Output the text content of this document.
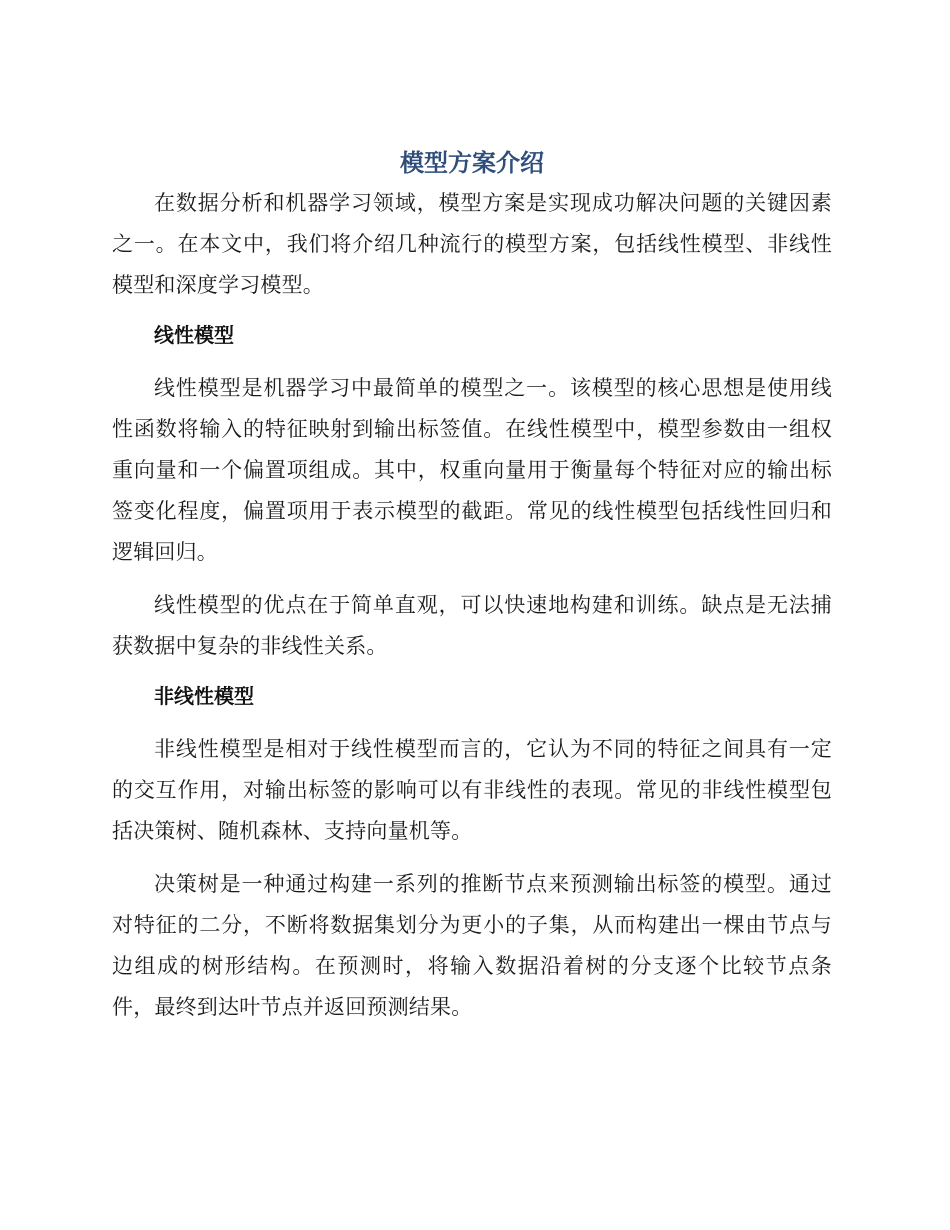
模型方案介绍

在数据分析和机器学习领域，模型方案是实现成功解决问题的关键因素之一。在本文中，我们将介绍几种流行的模型方案，包括线性模型、非线性模型和深度学习模型。

线性模型

线性模型是机器学习中最简单的模型之一。该模型的核心思想是使用线性函数将输入的特征映射到输出标签值。在线性模型中，模型参数由一组权重向量和一个偏置项组成。其中，权重向量用于衡量每个特征对应的输出标签变化程度，偏置项用于表示模型的截距。常见的线性模型包括线性回归和逻辑回归。

线性模型的优点在于简单直观，可以快速地构建和训练。缺点是无法捕获数据中复杂的非线性关系。

非线性模型

非线性模型是相对于线性模型而言的，它认为不同的特征之间具有一定的交互作用，对输出标签的影响可以有非线性的表现。常见的非线性模型包括决策树、随机森林、支持向量机等。

决策树是一种通过构建一系列的推断节点来预测输出标签的模型。通过对特征的二分，不断将数据集划分为更小的子集，从而构建出一棵由节点与边组成的树形结构。在预测时，将输入数据沿着树的分支逐个比较节点条件，最终到达叶节点并返回预测结果。
